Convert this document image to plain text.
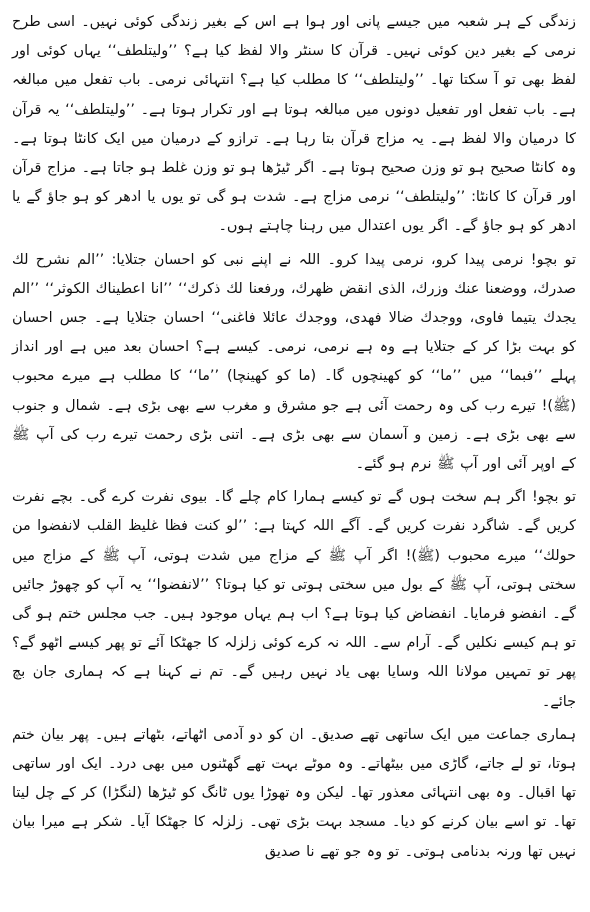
زندگی کے ہر شعبہ میں جیسے پانی اور ہوا ہے اس کے بغیر زندگی کوئی نہیں۔ اسی طرح نرمی کے بغیر دین کوئی نہیں۔ قرآن کا سنٹر والا لفظ کیا ہے؟ ’’ولیتلطف‘‘ یہاں کوئی اور لفظ بھی تو آ سکتا تھا۔ ’’ولیتلطف‘‘ کا مطلب کیا ہے؟ انتہائی نرمی۔ باب تفعل میں مبالغہ ہے۔ باب تفعل اور تفعیل دونوں میں مبالغہ ہوتا ہے اور تکرار ہوتا ہے۔ ’’ولیتلطف‘‘ یہ قرآن کا درمیان والا لفظ ہے۔ یہ مزاج قرآن بتا رہا ہے۔ ترازو کے درمیان میں ایک کانٹا ہوتا ہے۔ وہ کانٹا صحیح ہو تو وزن صحیح ہوتا ہے۔ اگر ٹیڑھا ہو تو وزن غلط ہو جاتا ہے۔ مزاج قرآن اور قرآن کا کانٹا: ’’ولیتلطف‘‘ نرمی مزاج ہے۔ شدت ہو گی تو یوں یا ادھر کو ہو جاؤ گے یا ادھر کو ہو جاؤ گے۔ اگر یوں اعتدال میں رہنا چاہتے ہوں۔

تو بچو! نرمی پیدا کرو، نرمی پیدا کرو۔ اللہ نے اپنے نبی کو احسان جتلایا: ’’الم نشرح لك صدرك، ووضعنا عنك وزرك، الذی انقض ظهرك، ورفعنا لك ذكرك‘‘ ’’انا اعطيناك الكوثر‘‘ ’’الم يجدك يتيما فاوی، ووجدك ضالا فهدی، ووجدك عائلا فاغنی‘‘ احسان جتلایا ہے۔ جس احسان کو بہت بڑا کر کے جتلایا ہے وہ ہے نرمی، نرمی۔ کیسے ہے؟ احسان بعد میں ہے اور انداز پہلے ’’فبما‘‘ میں ’’ما‘‘ کو کھینچوں گا۔ (ما کو کھینچا) ’’ما‘‘ کا مطلب ہے میرے محبوب (ﷺ)! تیرے رب کی وہ رحمت آئی ہے جو مشرق و مغرب سے بھی بڑی ہے۔ شمال و جنوب سے بھی بڑی ہے۔ زمین و آسمان سے بھی بڑی ہے۔ اتنی بڑی رحمت تیرے رب کی آپ ﷺ کے اوپر آئی اور آپ ﷺ نرم ہو گئے۔

تو بچو! اگر ہم سخت ہوں گے تو کیسے ہمارا کام چلے گا۔ بیوی نفرت کرے گی۔ بچے نفرت کریں گے۔ شاگرد نفرت کریں گے۔ آگے اللہ کہتا ہے: ’’لو كنت فظا غليظ القلب لانفضوا من حولك‘‘ میرے محبوب (ﷺ)! اگر آپ ﷺ کے مزاج میں شدت ہوتی، آپ ﷺ کے مزاج میں سختی ہوتی، آپ ﷺ کے بول میں سختی ہوتی تو کیا ہوتا؟ ’’لانفضوا‘‘ یہ آپ کو چھوڑ جائیں گے۔ انفضو فرمایا۔ انفضاض کیا ہوتا ہے؟ اب ہم یہاں موجود ہیں۔ جب مجلس ختم ہو گی تو ہم کیسے نکلیں گے۔ آرام سے۔ اللہ نہ کرے کوئی زلزلہ کا جھٹکا آئے تو پھر کیسے اٹھو گے؟ پھر تو تمہیں مولانا اللہ وسایا بھی یاد نہیں رہیں گے۔ تم نے کہنا ہے کہ ہماری جان بچ جائے۔

ہماری جماعت میں ایک ساتھی تھے صدیق۔ ان کو دو آدمی اٹھاتے، بٹھاتے ہیں۔ پھر بیان ختم ہوتا، تو لے جاتے، گاڑی میں بیٹھاتے۔ وہ موٹے بہت تھے گھٹنوں میں بھی درد۔ ایک اور ساتھی تھا اقبال۔ وہ بھی انتہائی معذور تھا۔ لیکن وہ تھوڑا یوں ٹانگ کو ٹیڑھا (لنگڑا) کر کے چل لیتا تھا۔ تو اسے بیان کرنے کو دیا۔ مسجد بہت بڑی تھی۔ زلزلہ کا جھٹکا آیا۔ شکر ہے میرا بیان نہیں تھا ورنہ بدنامی ہوتی۔ تو وہ جو تھے نا صدیق
